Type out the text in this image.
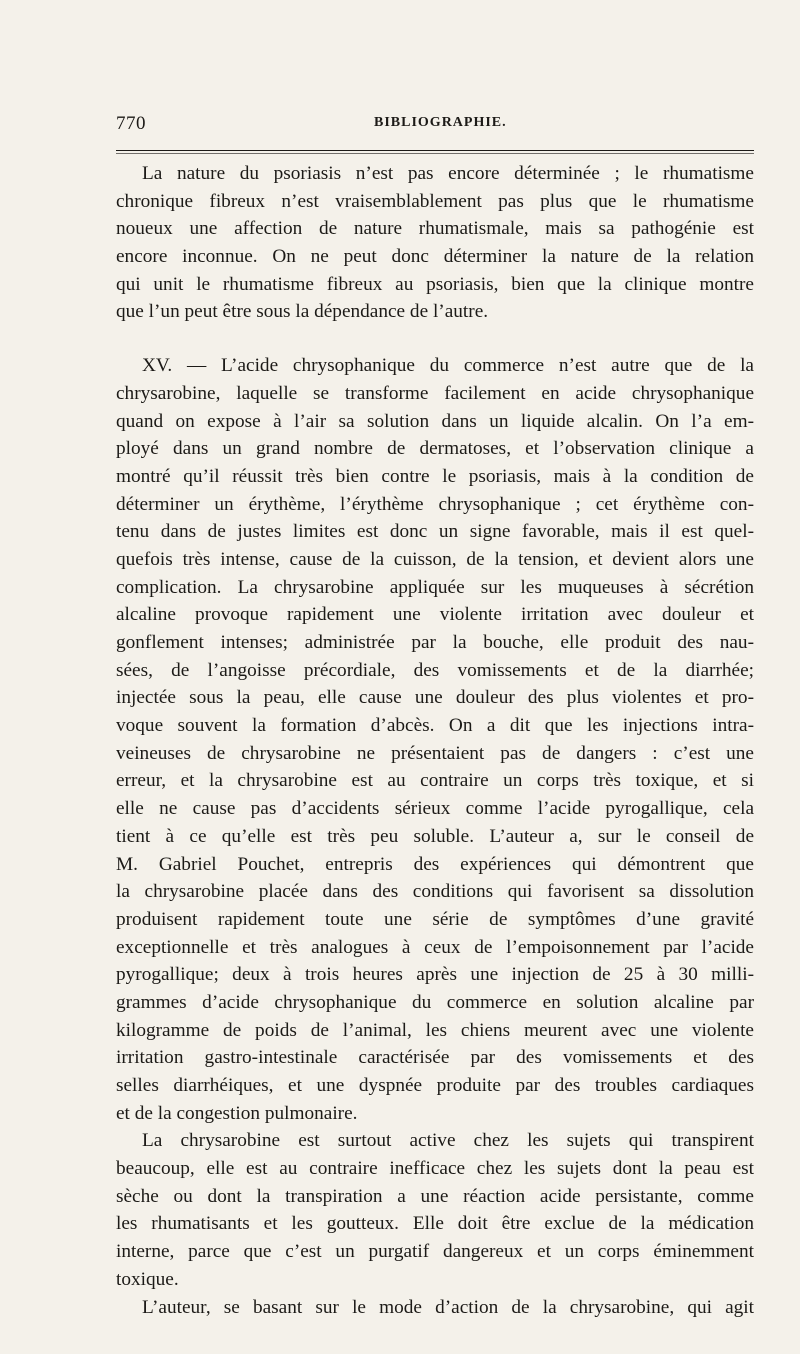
770	BIBLIOGRAPHIE.
La nature du psoriasis n’est pas encore déterminée ; le rhumatisme
chronique fibreux n’est vraisemblablement pas plus que le rhumatisme
noueux une affection de nature rhumatismale, mais sa pathogénie est
encore inconnue. On ne peut donc déterminer la nature de la relation
qui unit le rhumatisme fibreux au psoriasis, bien que la clinique montre
que l’un peut être sous la dépendance de l’autre.
XV. — L’acide chrysophanique du commerce n’est autre que de la
chrysarobine, laquelle se transforme facilement en acide chrysophanique
quand on expose à l’air sa solution dans un liquide alcalin. On l’a em-
ployé dans un grand nombre de dermatoses, et l’observation clinique a
montré qu’il réussit très bien contre le psoriasis, mais à la condition de
déterminer un érythème, l’érythème chrysophanique ; cet érythème con-
tenu dans de justes limites est donc un signe favorable, mais il est quel-
quefois très intense, cause de la cuisson, de la tension, et devient alors une
complication. La chrysarobine appliquée sur les muqueuses à sécrétion
alcaline provoque rapidement une violente irritation avec douleur et
gonflement intenses; administrée par la bouche, elle produit des nau-
sées, de l’angoisse précordiale, des vomissements et de la diarrhée;
injectée sous la peau, elle cause une douleur des plus violentes et pro-
voque souvent la formation d’abcès. On a dit que les injections intra-
veineuses de chrysarobine ne présentaient pas de dangers : c’est une
erreur, et la chrysarobine est au contraire un corps très toxique, et si
elle ne cause pas d’accidents sérieux comme l’acide pyrogallique, cela
tient à ce qu’elle est très peu soluble. L’auteur a, sur le conseil de
M. Gabriel Pouchet, entrepris des expériences qui démontrent que
la chrysarobine placée dans des conditions qui favorisent sa dissolution
produisent rapidement toute une série de symptômes d’une gravité
exceptionnelle et très analogues à ceux de l’empoisonnement par l’acide
pyrogallique; deux à trois heures après une injection de 25 à 30 milli-
grammes d’acide chrysophanique du commerce en solution alcaline par
kilogramme de poids de l’animal, les chiens meurent avec une violente
irritation gastro-intestinale caractérisée par des vomissements et des
selles diarrhéiques, et une dyspnée produite par des troubles cardiaques
et de la congestion pulmonaire.
La chrysarobine est surtout active chez les sujets qui transpirent
beaucoup, elle est au contraire inefficace chez les sujets dont la peau est
sèche ou dont la transpiration a une réaction acide persistante, comme
les rhumatisants et les goutteux. Elle doit être exclue de la médication
interne, parce que c’est un purgatif dangereux et un corps éminemment
toxique.
L’auteur, se basant sur le mode d’action de la chrysarobine, qui agit
